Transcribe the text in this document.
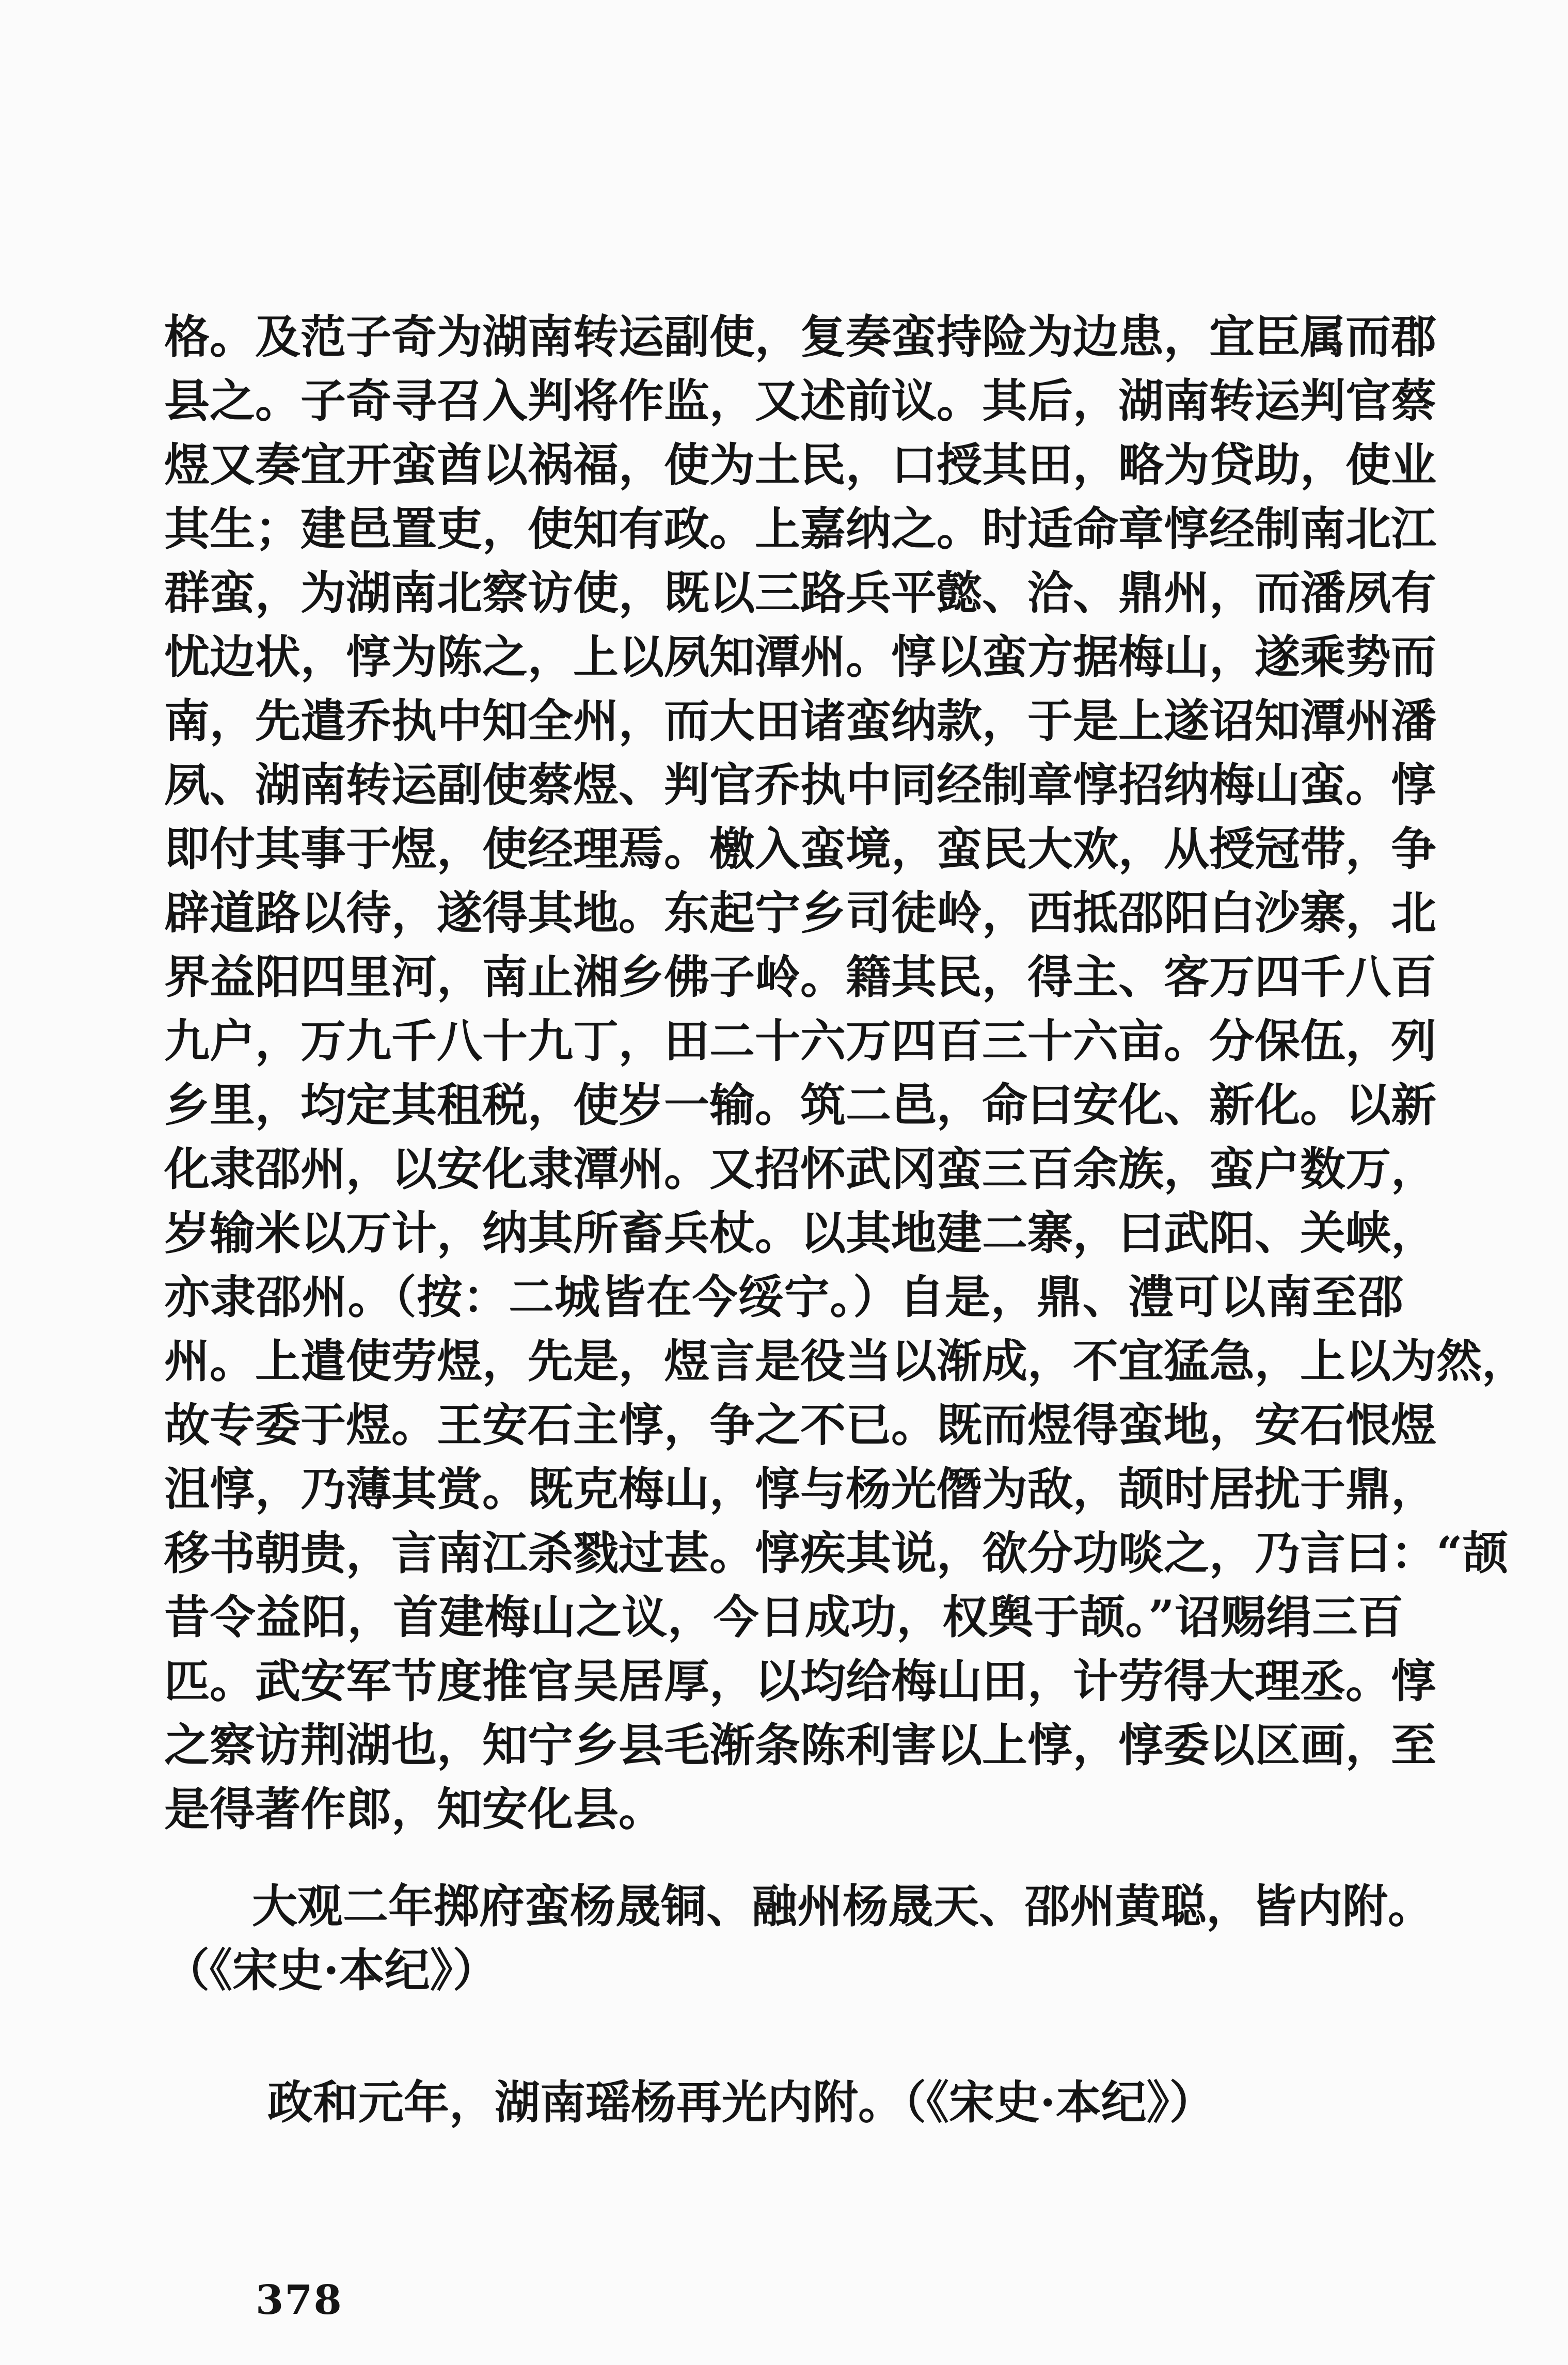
格。及范子奇为湖南转运副使，复奏蛮持险为边患，宜臣属而郡
县之。子奇寻召入判将作监，又述前议。其后，湖南转运判官蔡
煜又奏宜开蛮酋以祸福，使为土民，口授其田，略为贷助，使业
其生；建邑置吏，使知有政。上嘉纳之。时适命章惇经制南北江
群蛮，为湖南北察访使，既以三路兵平懿、洽、鼎州，而潘夙有
忧边状，惇为陈之，上以夙知潭州。惇以蛮方据梅山，遂乘势而
南，先遣乔执中知全州，而大田诸蛮纳款，于是上遂诏知潭州潘
夙、湖南转运副使蔡煜、判官乔执中同经制章惇招纳梅山蛮。惇
即付其事于煜，使经理焉。檄入蛮境，蛮民大欢，从授冠带，争
辟道路以待，遂得其地。东起宁乡司徒岭，西抵邵阳白沙寨，北
界益阳四里河，南止湘乡佛子岭。籍其民，得主、客万四千八百
九户，万九千八十九丁，田二十六万四百三十六亩。分保伍，列
乡里，均定其租税，使岁一输。筑二邑，命曰安化、新化。以新
化隶邵州，以安化隶潭州。又招怀武冈蛮三百余族，蛮户数万，
岁输米以万计，纳其所畜兵杖。以其地建二寨，曰武阳、关峡，
亦隶邵州。（按：二城皆在今绥宁。）自是，鼎、澧可以南至邵
州。上遣使劳煜，先是，煜言是役当以渐成，不宜猛急，上以为然，
故专委于煜。王安石主惇，争之不已。既而煜得蛮地，安石恨煜
沮惇，乃薄其赏。既克梅山，惇与杨光僭为敌，颉时居扰于鼎，
移书朝贵，言南江杀戮过甚。惇疾其说，欲分功啖之，乃言曰：“颉
昔令益阳，首建梅山之议，今日成功，权舆于颉。”诏赐绢三百
匹。武安军节度推官吴居厚，以均给梅山田，计劳得大理丞。惇
之察访荆湖也，知宁乡县毛渐条陈利害以上惇，惇委以区画，至
是得著作郎，知安化县。
大观二年掷府蛮杨晟铜、融州杨晟天、邵州黄聪，皆内附。
（《宋史·本纪》）
政和元年，湖南瑶杨再光内附。（《宋史·本纪》）
378
